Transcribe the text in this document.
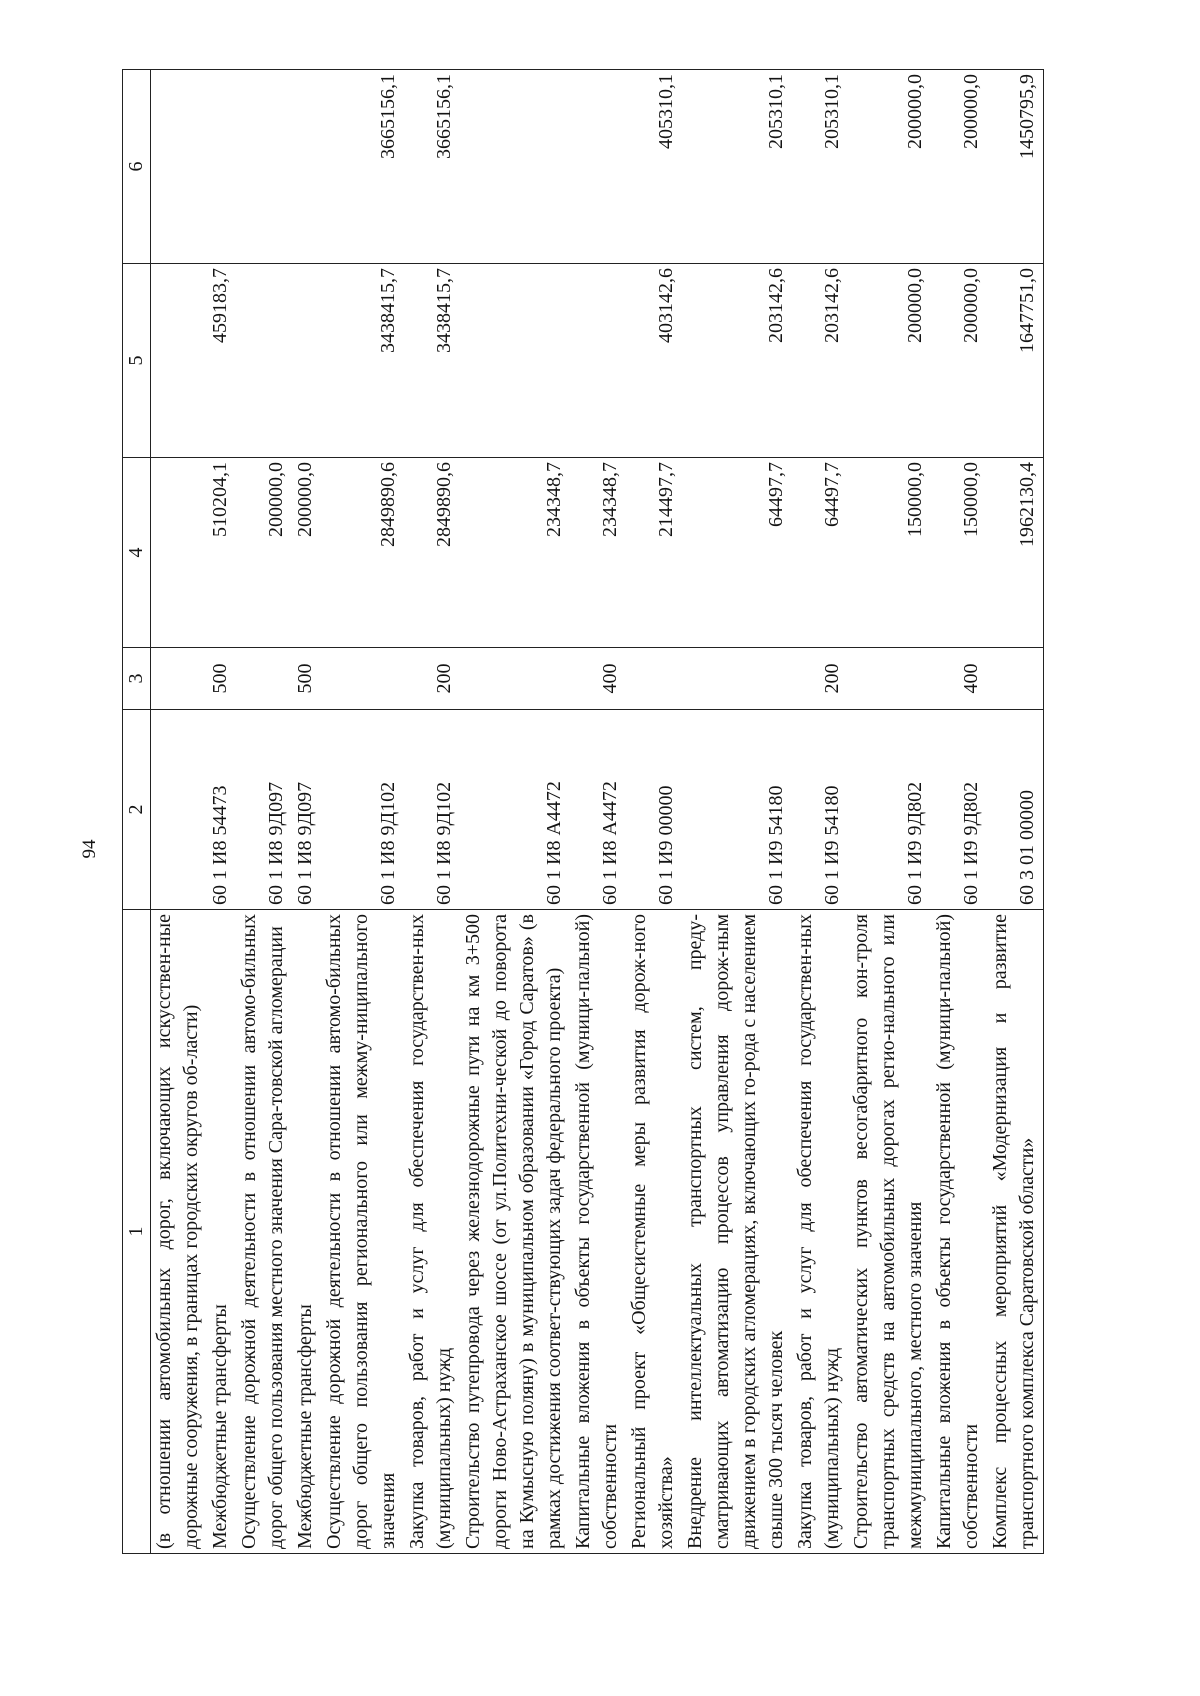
94
1	2	3	4	5	6
(в отношении автомобильных дорог, включающих искусствен-ные дорожные сооружения, в границах городских округов об-ласти)					
Межбюджетные трансферты	60 1 И8 54473	500	510204,1	459183,7	
Осуществление дорожной деятельности в отношении автомо-бильных дорог общего пользования местного значения Сара-товской агломерации	60 1 И8 9Д097		200000,0		
Межбюджетные трансферты	60 1 И8 9Д097	500	200000,0		
Осуществление дорожной деятельности в отношении автомо-бильных дорог общего пользования регионального или межму-ниципального значения	60 1 И8 9Д102		2849890,6	3438415,7	3665156,1
Закупка товаров, работ и услуг для обеспечения государствен-ных (муниципальных) нужд	60 1 И8 9Д102	200	2849890,6	3438415,7	3665156,1
Строительство путепровода через железнодорожные пути на км 3+500 дороги Ново-Астраханское шоссе (от ул.Политехни-ческой до поворота на Кумысную поляну) в муниципальном образовании «Город Саратов» (в рамках достижения соответ-ствующих задач федерального проекта)	60 1 И8 А4472		234348,7		
Капитальные вложения в объекты государственной (муници-пальной) собственности	60 1 И8 А4472	400	234348,7		
Региональный проект «Общесистемные меры развития дорож-ного хозяйства»	60 1 И9 00000		214497,7	403142,6	405310,1
Внедрение интеллектуальных транспортных систем, преду-сматривающих автоматизацию процессов управления дорож-ным движением в городских агломерациях, включающих го-рода с населением свыше 300 тысяч человек	60 1 И9 54180		64497,7	203142,6	205310,1
Закупка товаров, работ и услуг для обеспечения государствен-ных (муниципальных) нужд	60 1 И9 54180	200	64497,7	203142,6	205310,1
Строительство автоматических пунктов весогабаритного кон-троля транспортных средств на автомобильных дорогах регио-нального или межмуниципального, местного значения	60 1 И9 9Д802		150000,0	200000,0	200000,0
Капитальные вложения в объекты государственной (муници-пальной) собственности	60 1 И9 9Д802	400	150000,0	200000,0	200000,0
Комплекс процессных мероприятий «Модернизация и развитие транспортного комплекса Саратовской области»	60 3 01 00000		1962130,4	1647751,0	1450795,9
